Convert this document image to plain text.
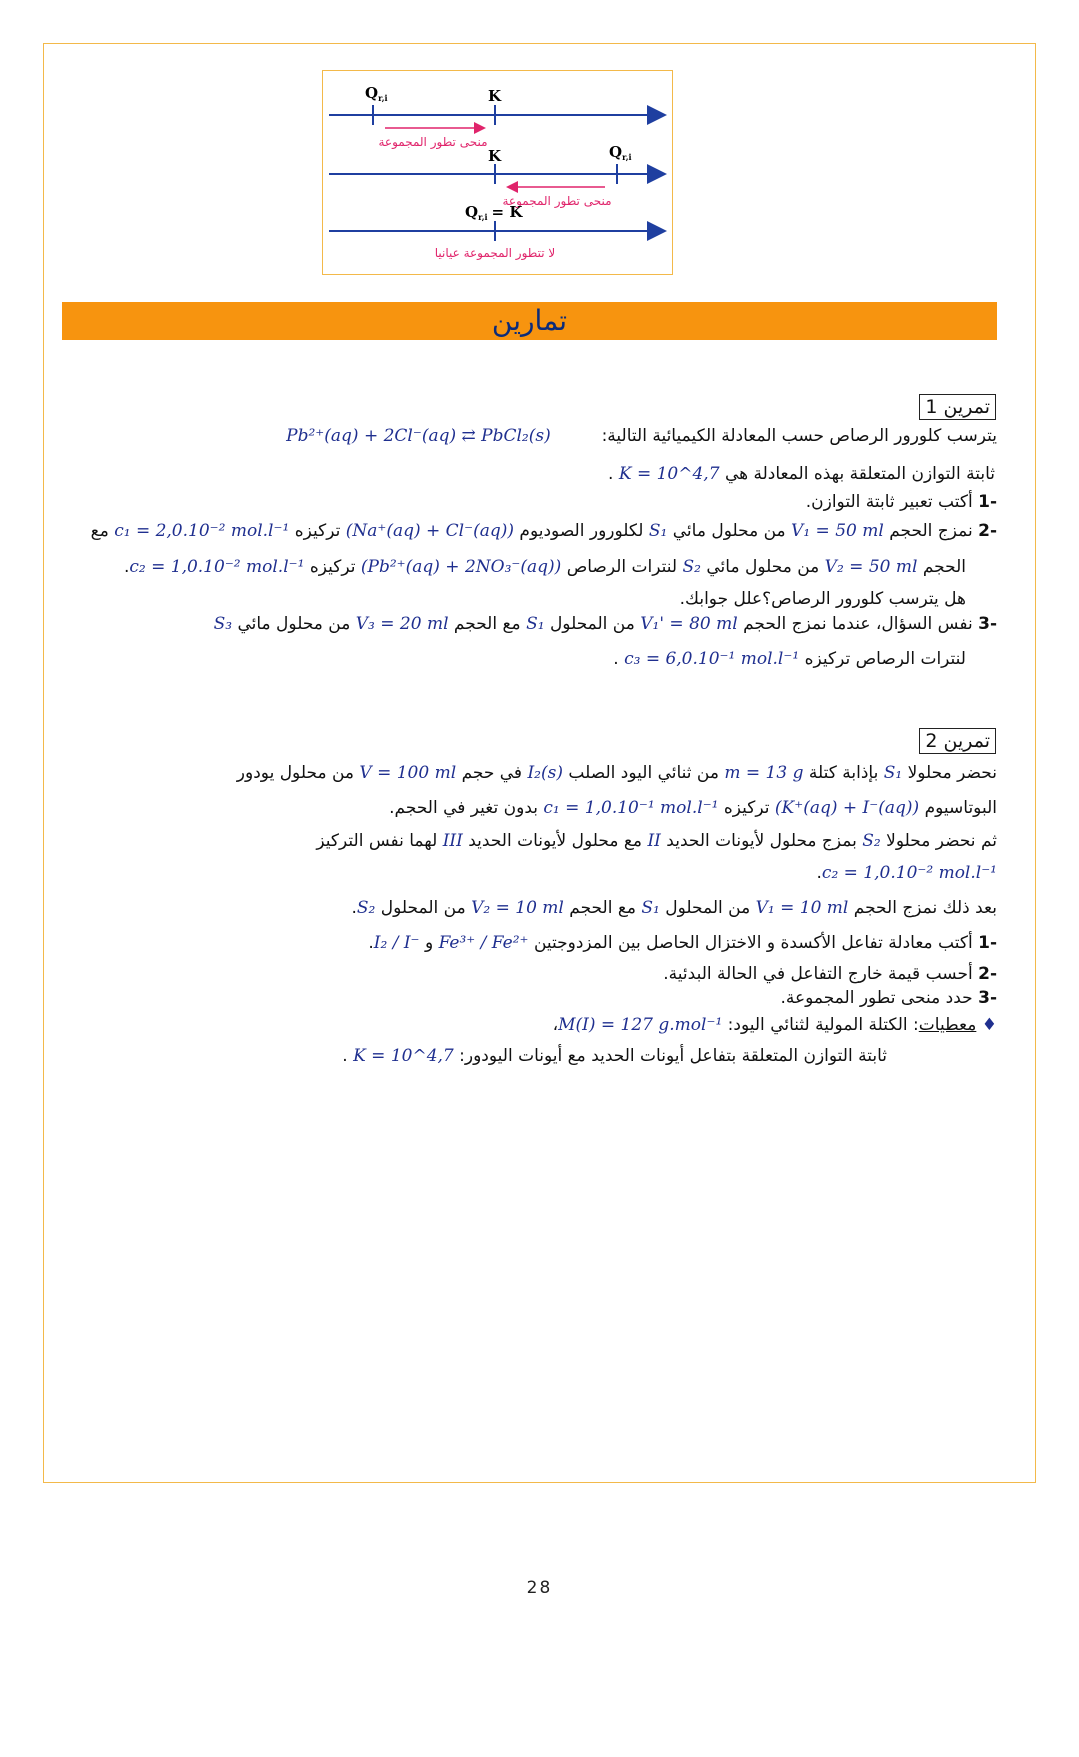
$Q_{r,i}$	K
منحى تطور المجموعة
K	$Q_{r,i}$
منحى تطور المجموعة
$Q_{r,i} = K$
لا تتطور المجموعة عيانيا
تمارين
تمرين 1
يترسب كلورور الرصاص حسب المعادلة الكيميائية التالية:  Pb²⁺(aq) + 2Cl⁻(aq) ⇄ PbCl₂(s)
ثابتة التوازن المتعلقة بهذه المعادلة هي K = 10^4,7 .
-1 أكتب تعبير ثابتة التوازن.
-2 نمزج الحجم V₁ = 50 ml من محلول مائي S₁ لكلورور الصوديوم (Na⁺(aq) + Cl⁻(aq)) تركيزه c₁ = 2,0.10⁻² mol.l⁻¹ مع
الحجم V₂ = 50 ml من محلول مائي S₂ لنترات الرصاص (Pb²⁺(aq) + 2NO₃⁻(aq)) تركيزه c₂ = 1,0.10⁻² mol.l⁻¹.
هل يترسب كلورور الرصاص؟علل جوابك.
-3 نفس السؤال، عندما نمزج الحجم V₁' = 80 ml من المحلول S₁ مع الحجم V₃ = 20 ml من محلول مائي S₃
لنترات الرصاص تركيزه c₃ = 6,0.10⁻¹ mol.l⁻¹ .
تمرين 2
نحضر محلولا S₁ بإذابة كتلة m = 13 g من ثنائي اليود الصلب I₂(s) في حجم V = 100 ml من محلول يودور
البوتاسيوم (K⁺(aq) + I⁻(aq)) تركيزه c₁ = 1,0.10⁻¹ mol.l⁻¹ بدون تغير في الحجم.
ثم نحضر محلولا S₂ بمزج محلول لأيونات الحديد II مع محلول لأيونات الحديد III لهما نفس التركيز
c₂ = 1,0.10⁻² mol.l⁻¹.
بعد ذلك نمزج الحجم V₁ = 10 ml من المحلول S₁ مع الحجم V₂ = 10 ml من المحلول S₂.
-1 أكتب معادلة تفاعل الأكسدة و الاختزال الحاصل بين المزدوجتين Fe³⁺ / Fe²⁺ و I₂ / I⁻.
-2 أحسب قيمة خارج التفاعل في الحالة البدئية.
-3 حدد منحى تطور المجموعة.
♦ معطيات: الكتلة المولية لثنائي اليود: M(I) = 127 g.mol⁻¹،
ثابتة التوازن المتعلقة بتفاعل أيونات الحديد مع أيونات اليودور: K = 10^4,7 .
28
